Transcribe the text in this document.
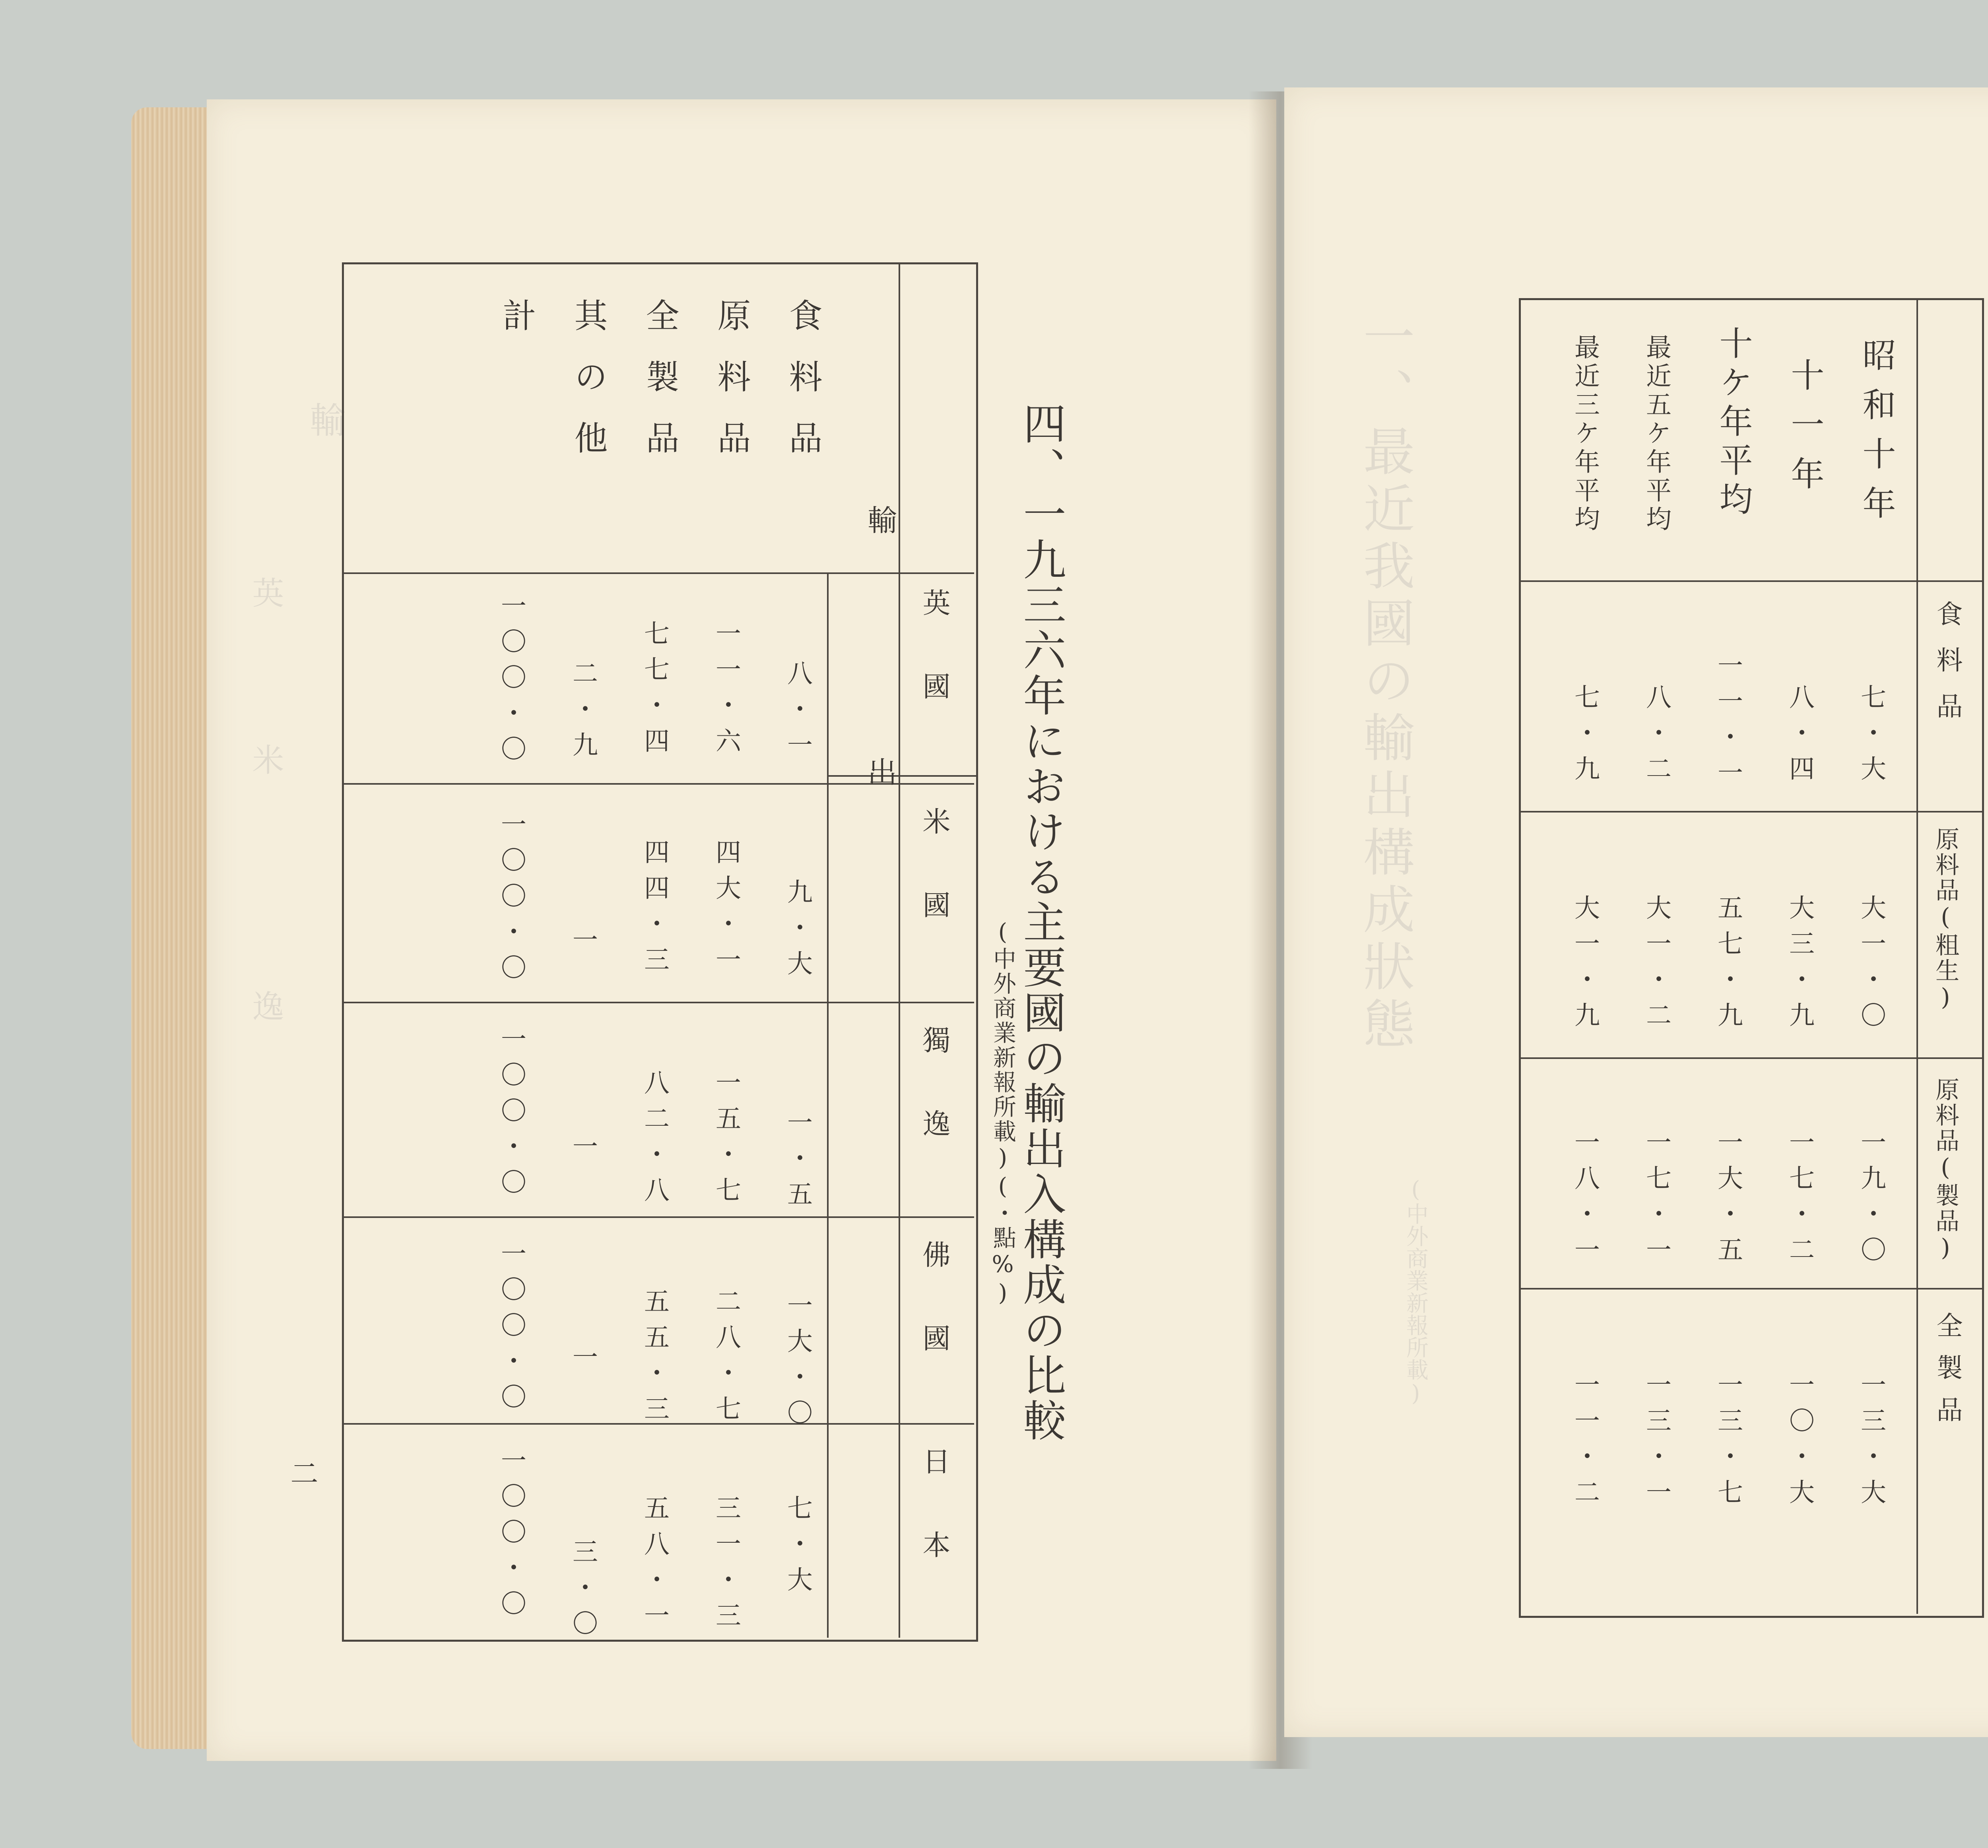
輸
英
米
逸	輸出
食料品
原料品
全製品
其の他
計
英國
米國
獨逸
佛國
日本
八・一
一一・六
七七・四
二・九
一〇〇・〇
九・大
四大・一
四四・三
一
一〇〇・〇
一・五
一五・七
八二・八
一
一〇〇・〇
一大・〇
二八・七
五五・三
一
一〇〇・〇
七・大
三一・三
五八・一
三・〇
一〇〇・〇
四、一九三六年における主要國の輸出入構成の比較
(中外商業新報所載)(・點%)
二
一、最近我國の輸出構成狀態
(中外商業新報所載)
昭和十年
十一年
十ケ年平均
最近五ケ年平均
最近三ケ年平均
食料品
原料品(粗生)
原料品(製品)
全製品
七・大
八・四
一一・一
八・二
七・九
大一・〇
大三・九
五七・九
大一・二
大一・九
一九・〇
一七・二
一大・五
一七・一
一八・一
一三・大
一〇・大
一三・七
一三・一
一一・二
